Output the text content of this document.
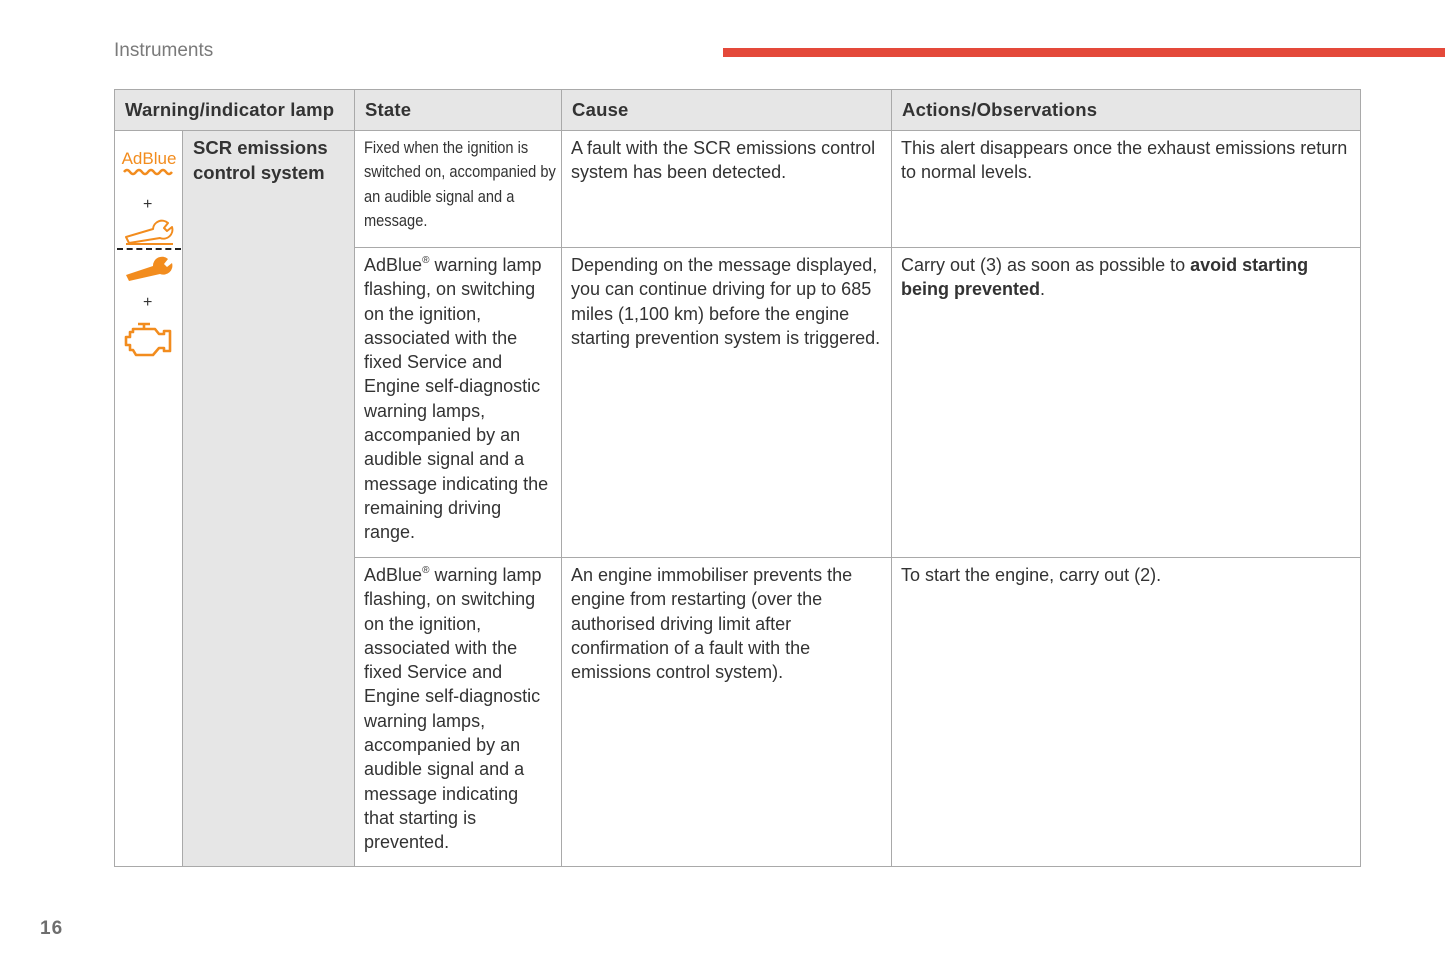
Instruments
Warning/indicator lamp		State	Cause	Actions/Observations

AdBlue
+
+	SCR emissions control system	Fixed when the ignition is switched on, accompanied by an audible signal and a message.	A fault with the SCR emissions control system has been detected.	This alert disappears once the exhaust emissions return to normal levels.

		AdBlue® warning lamp flashing, on switching on the ignition, associated with the fixed Service and Engine self-diagnostic warning lamps, accompanied by an audible signal and a message indicating the remaining driving range.	Depending on the message displayed, you can continue driving for up to 685 miles (1,100 km) before the engine starting prevention system is triggered.	Carry out (3) as soon as possible to avoid starting being prevented.

		AdBlue® warning lamp flashing, on switching on the ignition, associated with the fixed Service and Engine self-diagnostic warning lamps, accompanied by an audible signal and a message indicating that starting is prevented.	An engine immobiliser prevents the engine from restarting (over the authorised driving limit after confirmation of a fault with the emissions control system).	To start the engine, carry out (2).
16
